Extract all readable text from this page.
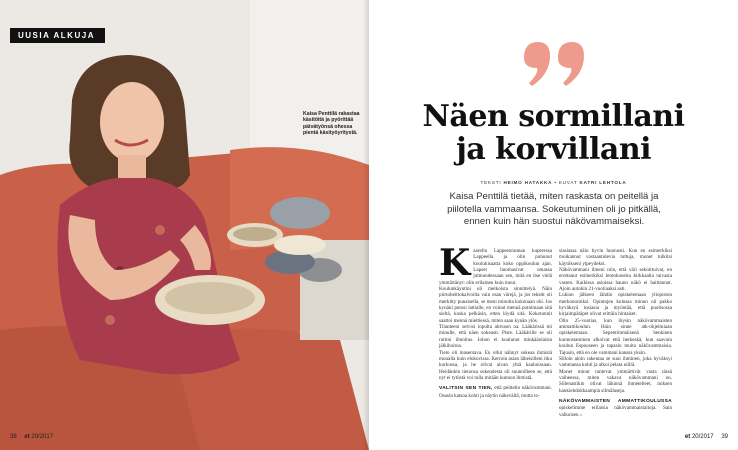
UUSIA ALKUJA
Kaisa Penttilä rakastaa käsitöitä ja pyörittää päivätyönsä ohessa pientä käsityöyritystä.
38 et 20/2017
Näen sormillani
ja korvillani
TEKSTI HEIMO HATAKKA • KUVAT KATRI LEHTOLA
Kaisa Penttilä tietää, miten raskasta on peitellä ja piilotella vammaansa. Sokeutuminen oli jo pitkällä, ennen kuin hän suostui näkövammaiseksi.
K aarelin Lappeenrannan kuperessa Lappeella ja olin puhunut koulukisaatta koko oppikoulun ajan. Lapset huomasivat omassa julmuudessaan sen, mitä en itse vielä ymmärtänyt: olin erilainen kuin muut.

Koulunkäyntini oli melkoista sinnittelyä. Näin piirtoheittokalvoilta vain osan värejä, ja jos tekstit oli merkitty punaisella, se meni minulta kokonaan ohi. Jos kynäni putosi lattialle, en voinut mennä potnimaan sitä sieltä, koska pelkäsin, etten löydä sitä. Kokotunnit saattoi mennä miettiessä, miten saan kynän ylös.

Tilanteeni selvisi lopulta ahtvaon na. Lääkärissä mi minulle, että näen sokeasti. Piste. Lääkärille se oli ruttini ilmoitus. Johon ei kuulunut minkäänlaista jälkihoitoa.

Tieto oli masentava. En ollut nähnyt sokeaa ihmistä muualla kuin elokuvissa. Kerroin asian läheisilleni itku kurkussa, ja he olivat aivan yhtä kauhuissaan. Heidänkin tietonsa sokeudesta oli suunnilleen se, että nyt ei tytöstä voi tulla mitään kunnon ihmistä.

VALITSIN SEN TIEN, että peittelin näkövammani. Osasin katsoa kohti ja näytin näkevältä, mutta to-

siasiassa näin hyvin huonosti. Kun en esimerkiksi moikannut vastaantulevia tuttuja, monet tulkitsi käytökseni ylpeydeksi.

Näkövammani ilmeni niin, että väri sekoittuivat, en erottanut esimerkiksi lentokoneita kirkkaalta taivasta vasten. Kaikissa asioissa hauno näkö ei haittannut. Ajoin autokin 21-vuotiaaksi asti.

Lukion jälkeen lähdin opiskelemaan yliopiston merkonomiksi. Opintojen kulussa minun oli pakko hyväksyä tosiasia ja myöntää, että puolisossa kirjaimpätäpet olivat erittäin hintaiset.

Olin 25-vuotias, kun löysin näkövammaisten ammattikoulun. Hain sinne atk-ohjelmiaan opiskelemaan. Sepentimmäisenä henkinen kunnostaminen alkoivat että herkeskä, kun saavuin koulun Espooseen ja tapasin muita näkövammaisia. Tajusin, että en ole vammani kanssa yksin.

Silloin aloin rakentaa se suui ihminen, joka hyväksyi vammansa kohti ja alkoi pelata niillä.

Monet minut tuntevat ymmärtivät vasta tässä vaiheessa, miten vakava näkövammani on. Sillenastikin olivat lähinnä ihmetelleet, miksen hankiehdokkaampia silmälaseja.

NÄKÖVAMMAISTEN AMMATTIKOULUSSA opiskelimme erilaisia näkövammaistaitoja. Sain valkoisen »

et 20/2017 39
